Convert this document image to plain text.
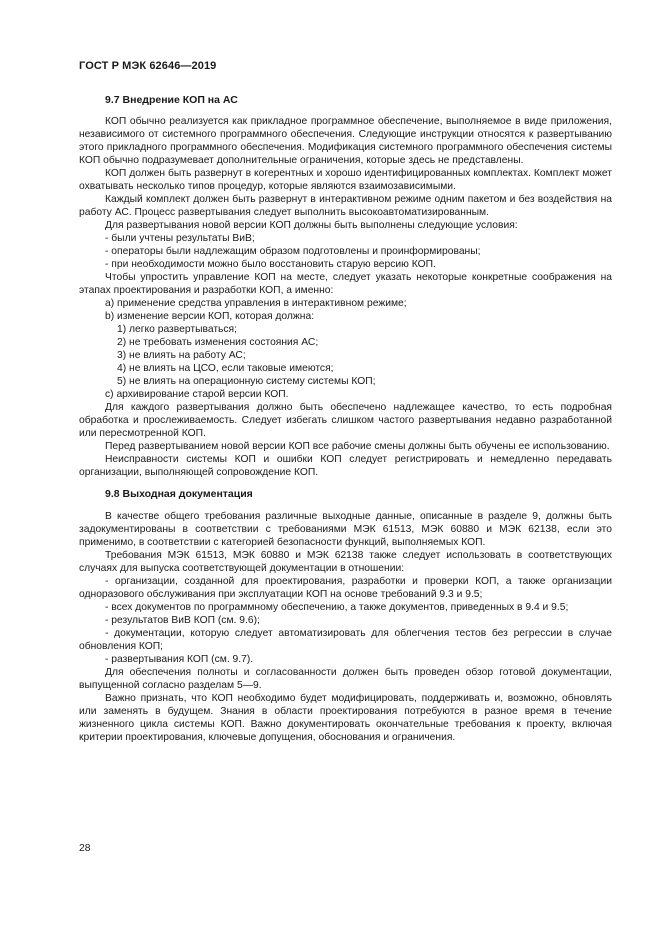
ГОСТ Р МЭК 62646—2019
9.7 Внедрение КОП на АС

КОП обычно реализуется как прикладное программное обеспечение, выполняемое в виде приложения, независимого от системного программного обеспечения. Следующие инструкции относятся к развертыванию этого прикладного программного обеспечения. Модификация системного программного обеспечения системы КОП обычно подразумевает дополнительные ограничения, которые здесь не представлены.

КОП должен быть развернут в когерентных и хорошо идентифицированных комплектах. Комплект может охватывать несколько типов процедур, которые являются взаимозависимыми.

Каждый комплект должен быть развернут в интерактивном режиме одним пакетом и без воздействия на работу АС. Процесс развертывания следует выполнить высокоавтоматизированным.

Для развертывания новой версии КОП должны быть выполнены следующие условия:

- были учтены результаты ВиВ;
- операторы были надлежащим образом подготовлены и проинформированы;
- при необходимости можно было восстановить старую версию КОП.

Чтобы упростить управление КОП на месте, следует указать некоторые конкретные соображения на этапах проектирования и разработки КОП, а именно:

a) применение средства управления в интерактивном режиме;
b) изменение версии КОП, которая должна:
1) легко развертываться;
2) не требовать изменения состояния АС;
3) не влиять на работу АС;
4) не влиять на ЦСО, если таковые имеются;
5) не влиять на операционную систему системы КОП;
c) архивирование старой версии КОП.

Для каждого развертывания должно быть обеспечено надлежащее качество, то есть подробная обработка и прослеживаемость. Следует избегать слишком частого развертывания недавно разработанной или пересмотренной КОП.

Перед развертыванием новой версии КОП все рабочие смены должны быть обучены ее использованию.

Неисправности системы КОП и ошибки КОП следует регистрировать и немедленно передавать организации, выполняющей сопровождение КОП.

9.8 Выходная документация

В качестве общего требования различные выходные данные, описанные в разделе 9, должны быть задокументированы в соответствии с требованиями МЭК 61513, МЭК 60880 и МЭК 62138, если это применимо, в соответствии с категорией безопасности функций, выполняемых КОП.

Требования МЭК 61513, МЭК 60880 и МЭК 62138 также следует использовать в соответствующих случаях для выпуска соответствующей документации в отношении:

- организации, созданной для проектирования, разработки и проверки КОП, а также организации одноразового обслуживания при эксплуатации КОП на основе требований 9.3 и 9.5;

- всех документов по программному обеспечению, а также документов, приведенных в 9.4 и 9.5;

- результатов ВиВ КОП (см. 9.6);

- документации, которую следует автоматизировать для облегчения тестов без регрессии в случае обновления КОП;

- развертывания КОП (см. 9.7).

Для обеспечения полноты и согласованности должен быть проведен обзор готовой документации, выпущенной согласно разделам 5—9.

Важно признать, что КОП необходимо будет модифицировать, поддерживать и, возможно, обновлять или заменять в будущем. Знания в области проектирования потребуются в разное время в течение жизненного цикла системы КОП. Важно документировать окончательные требования к проекту, включая критерии проектирования, ключевые допущения, обоснования и ограничения.

28
